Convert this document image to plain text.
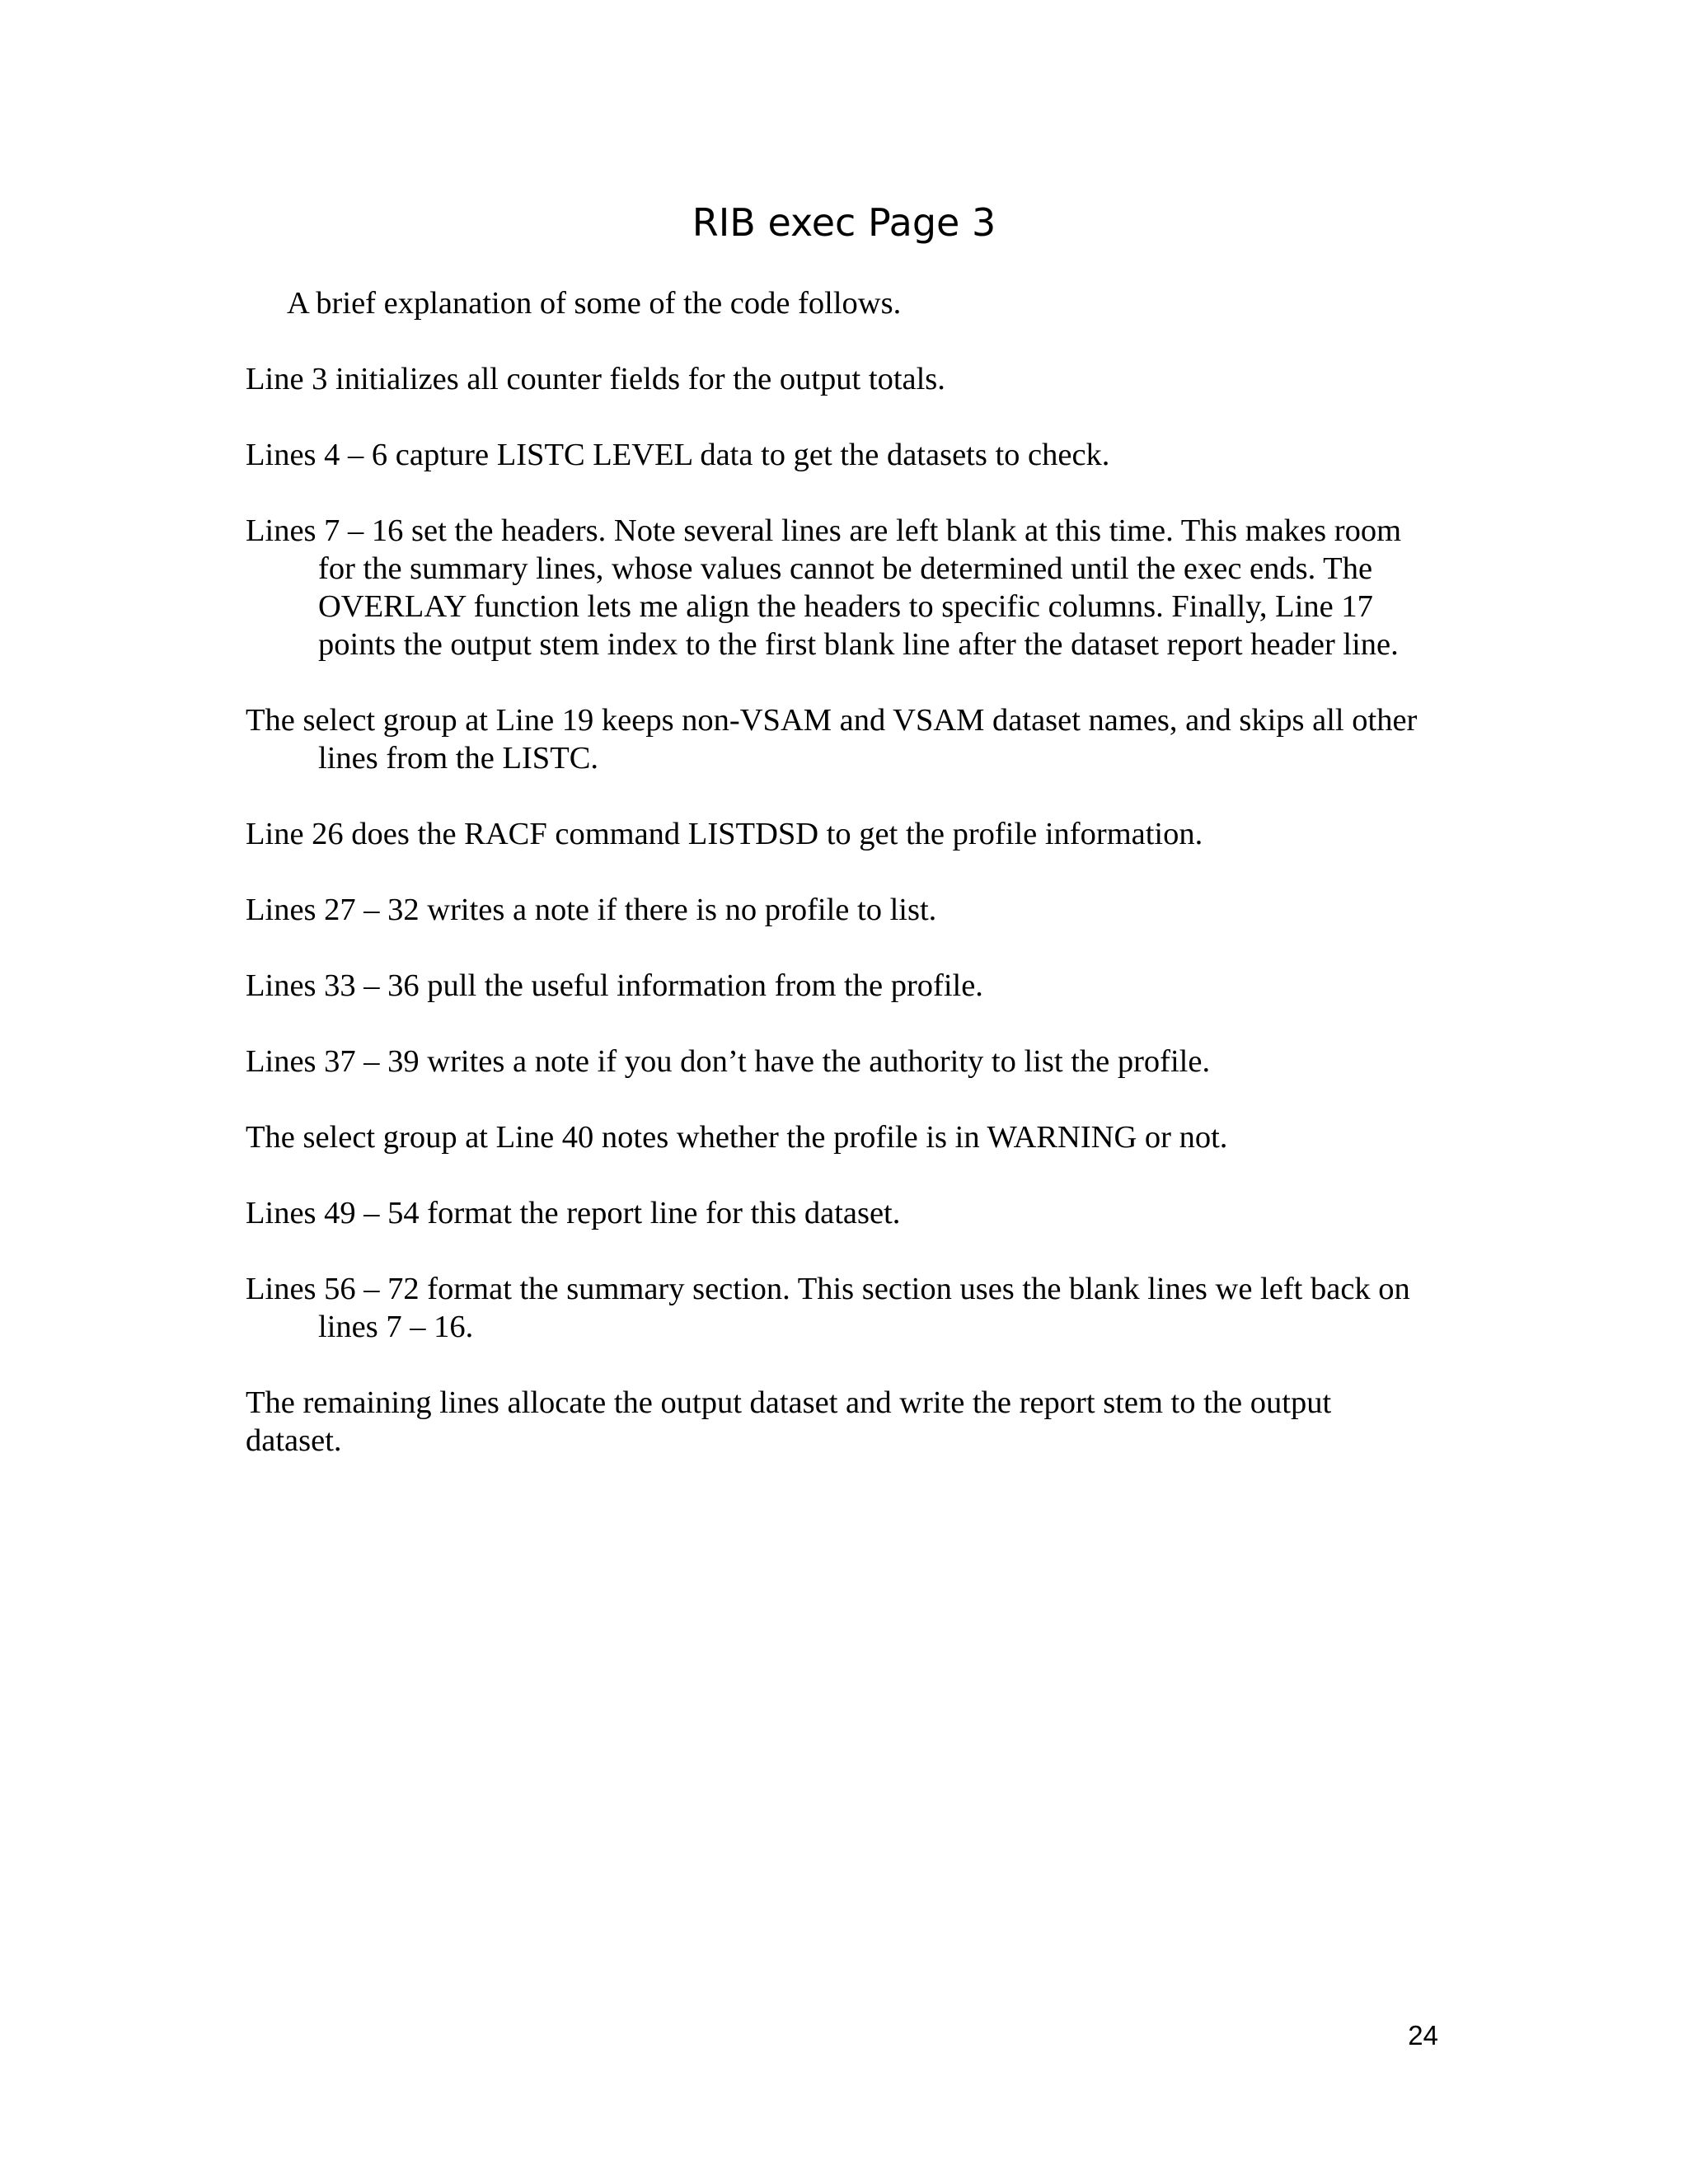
RIB exec Page 3

A brief explanation of some of the code follows.

Line 3 initializes all counter fields for the output totals.

Lines 4 – 6 capture LISTC LEVEL data to get the datasets to check.

Lines 7 – 16 set the headers. Note several lines are left blank at this time. This makes room for the summary lines, whose values cannot be determined until the exec ends. The OVERLAY function lets me align the headers to specific columns. Finally, Line 17 points the output stem index to the first blank line after the dataset report header line.

The select group at Line 19 keeps non-VSAM and VSAM dataset names, and skips all other lines from the LISTC.

Line 26 does the RACF command LISTDSD to get the profile information.

Lines 27 – 32 writes a note if there is no profile to list.

Lines 33 – 36 pull the useful information from the profile.

Lines 37 – 39 writes a note if you don’t have the authority to list the profile.

The select group at Line 40 notes whether the profile is in WARNING or not.

Lines 49 – 54 format the report line for this dataset.

Lines 56 – 72 format the summary section. This section uses the blank lines we left back on lines 7 – 16.

The remaining lines allocate the output dataset and write the report stem to the output dataset.

24
